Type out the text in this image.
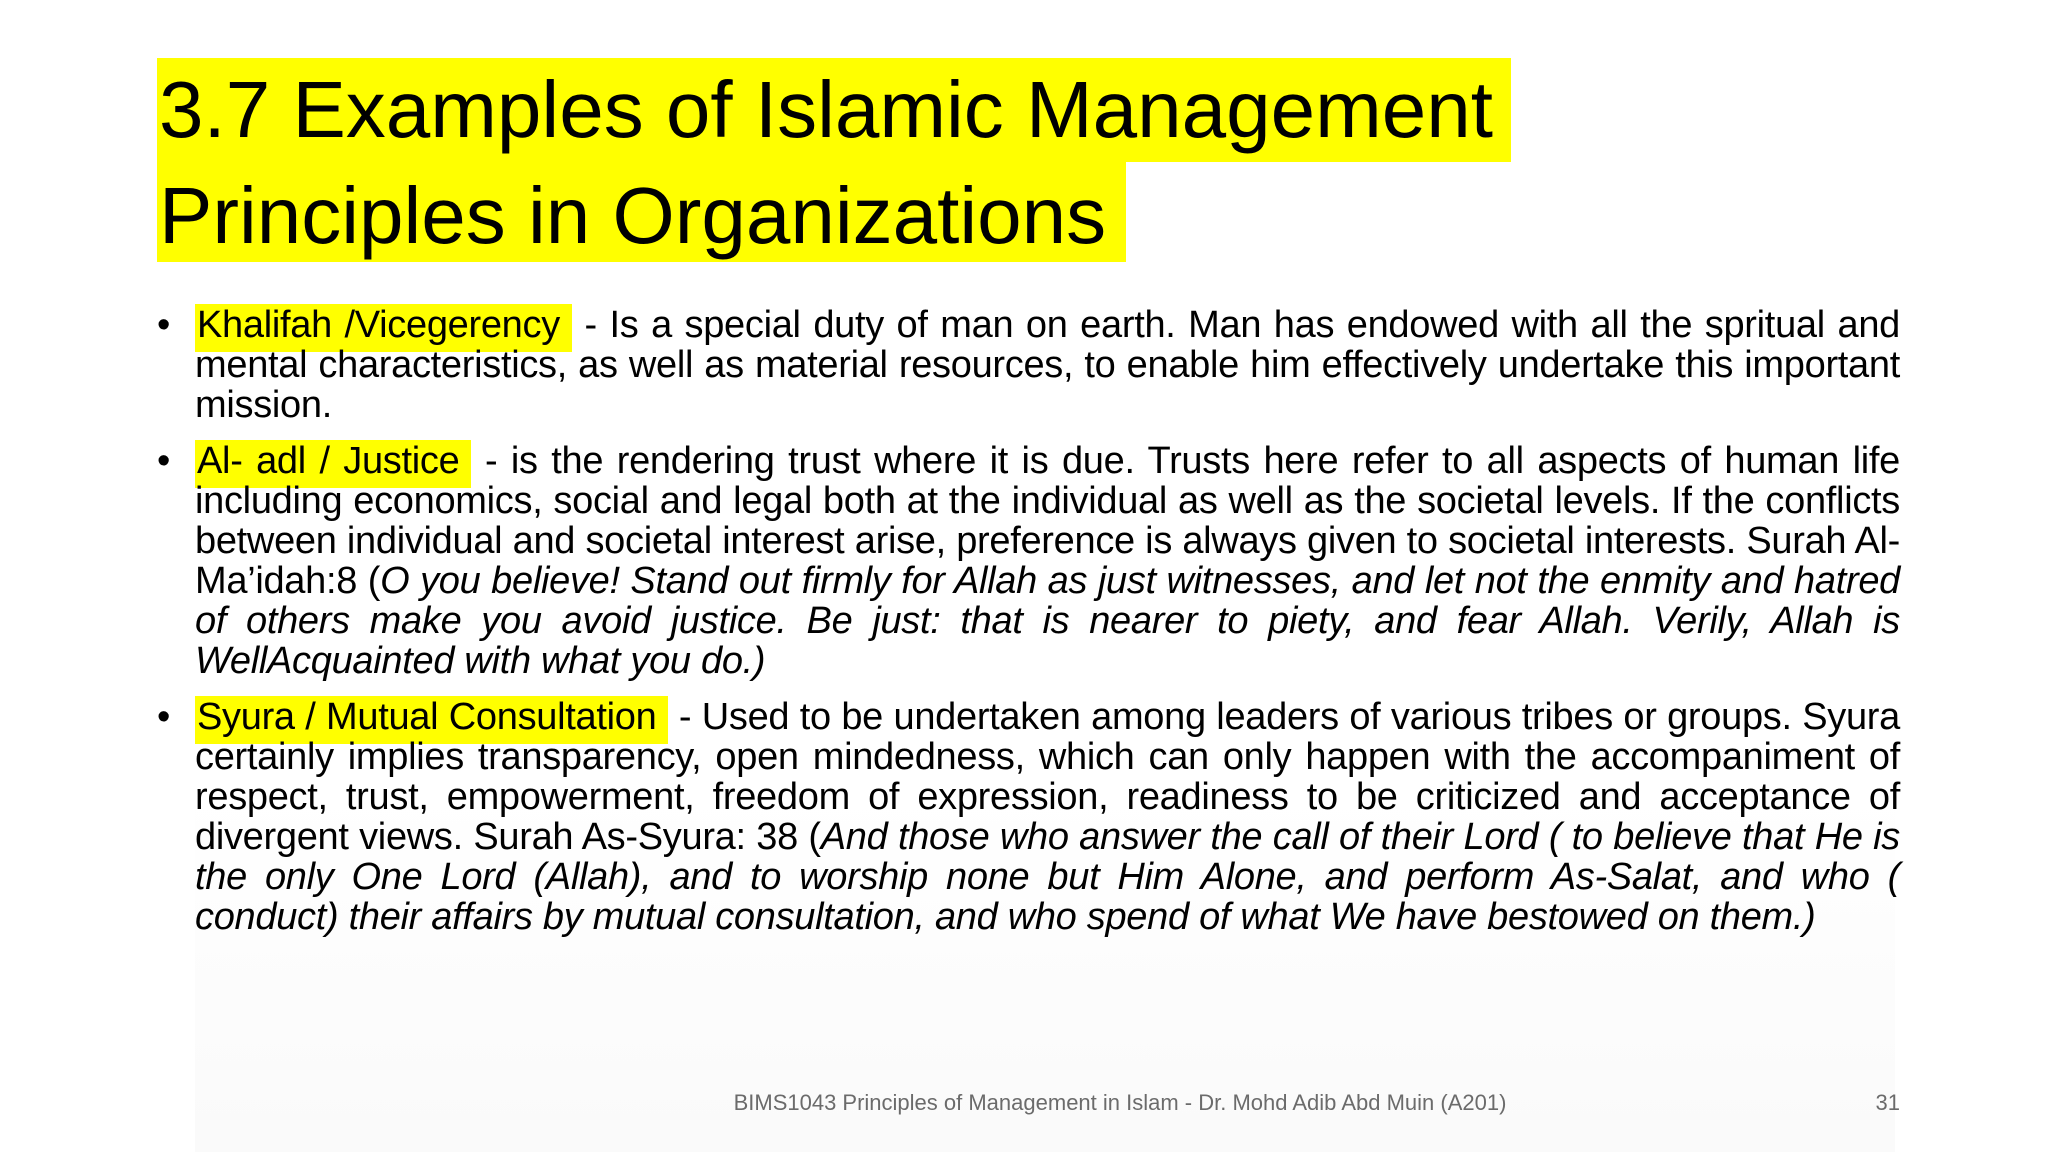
3.7 Examples of Islamic Management
Principles in Organizations
• Khalifah /Vicegerency - Is a special duty of man on earth. Man has endowed with all the spritual and mental characteristics, as well as material resources, to enable him effectively undertake this important mission.
• Al- adl / Justice - is the rendering trust where it is due. Trusts here refer to all aspects of human life including economics, social and legal both at the individual as well as the societal levels. If the conflicts between individual and societal interest arise, preference is always given to societal interests. Surah Al-Ma’idah:8 (O you believe! Stand out firmly for Allah as just witnesses, and let not the enmity and hatred of others make you avoid justice. Be just: that is nearer to piety, and fear Allah. Verily, Allah is WellAcquainted with what you do.)
• Syura / Mutual Consultation - Used to be undertaken among leaders of various tribes or groups. Syura certainly implies transparency, open mindedness, which can only happen with the accompaniment of respect, trust, empowerment, freedom of expression, readiness to be criticized and acceptance of divergent views. Surah As-Syura: 38 (And those who answer the call of their Lord ( to believe that He is the only One Lord (Allah), and to worship none but Him Alone, and perform As-Salat, and who ( conduct) their affairs by mutual consultation, and who spend of what We have bestowed on them.)
BIMS1043 Principles of Management in Islam - Dr. Mohd Adib Abd Muin (A201)	31
